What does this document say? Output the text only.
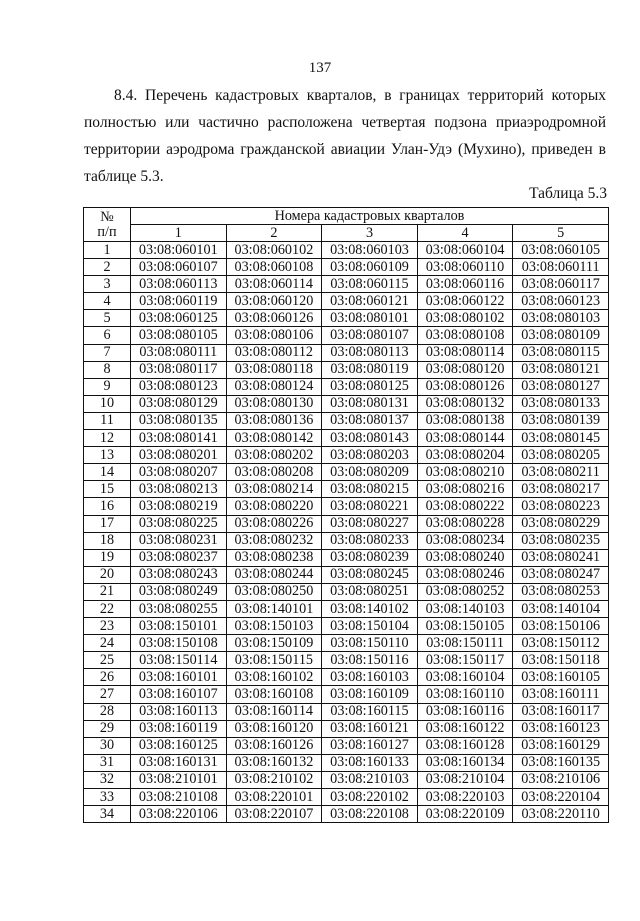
137

8.4. Перечень кадастровых кварталов, в границах территорий которых полностью или частично расположена четвертая подзона приаэродромной территории аэродрома гражданской авиации Улан-Удэ (Мухино), приведен в таблице 5.3.

Таблица 5.3
№
п/п	Номера кадастровых кварталов				
	1	2	3	4	5
1	03:08:060101	03:08:060102	03:08:060103	03:08:060104	03:08:060105
2	03:08:060107	03:08:060108	03:08:060109	03:08:060110	03:08:060111
3	03:08:060113	03:08:060114	03:08:060115	03:08:060116	03:08:060117
4	03:08:060119	03:08:060120	03:08:060121	03:08:060122	03:08:060123
5	03:08:060125	03:08:060126	03:08:080101	03:08:080102	03:08:080103
6	03:08:080105	03:08:080106	03:08:080107	03:08:080108	03:08:080109
7	03:08:080111	03:08:080112	03:08:080113	03:08:080114	03:08:080115
8	03:08:080117	03:08:080118	03:08:080119	03:08:080120	03:08:080121
9	03:08:080123	03:08:080124	03:08:080125	03:08:080126	03:08:080127
10	03:08:080129	03:08:080130	03:08:080131	03:08:080132	03:08:080133
11	03:08:080135	03:08:080136	03:08:080137	03:08:080138	03:08:080139
12	03:08:080141	03:08:080142	03:08:080143	03:08:080144	03:08:080145
13	03:08:080201	03:08:080202	03:08:080203	03:08:080204	03:08:080205
14	03:08:080207	03:08:080208	03:08:080209	03:08:080210	03:08:080211
15	03:08:080213	03:08:080214	03:08:080215	03:08:080216	03:08:080217
16	03:08:080219	03:08:080220	03:08:080221	03:08:080222	03:08:080223
17	03:08:080225	03:08:080226	03:08:080227	03:08:080228	03:08:080229
18	03:08:080231	03:08:080232	03:08:080233	03:08:080234	03:08:080235
19	03:08:080237	03:08:080238	03:08:080239	03:08:080240	03:08:080241
20	03:08:080243	03:08:080244	03:08:080245	03:08:080246	03:08:080247
21	03:08:080249	03:08:080250	03:08:080251	03:08:080252	03:08:080253
22	03:08:080255	03:08:140101	03:08:140102	03:08:140103	03:08:140104
23	03:08:150101	03:08:150103	03:08:150104	03:08:150105	03:08:150106
24	03:08:150108	03:08:150109	03:08:150110	03:08:150111	03:08:150112
25	03:08:150114	03:08:150115	03:08:150116	03:08:150117	03:08:150118
26	03:08:160101	03:08:160102	03:08:160103	03:08:160104	03:08:160105
27	03:08:160107	03:08:160108	03:08:160109	03:08:160110	03:08:160111
28	03:08:160113	03:08:160114	03:08:160115	03:08:160116	03:08:160117
29	03:08:160119	03:08:160120	03:08:160121	03:08:160122	03:08:160123
30	03:08:160125	03:08:160126	03:08:160127	03:08:160128	03:08:160129
31	03:08:160131	03:08:160132	03:08:160133	03:08:160134	03:08:160135
32	03:08:210101	03:08:210102	03:08:210103	03:08:210104	03:08:210106
33	03:08:210108	03:08:220101	03:08:220102	03:08:220103	03:08:220104
34	03:08:220106	03:08:220107	03:08:220108	03:08:220109	03:08:220110
